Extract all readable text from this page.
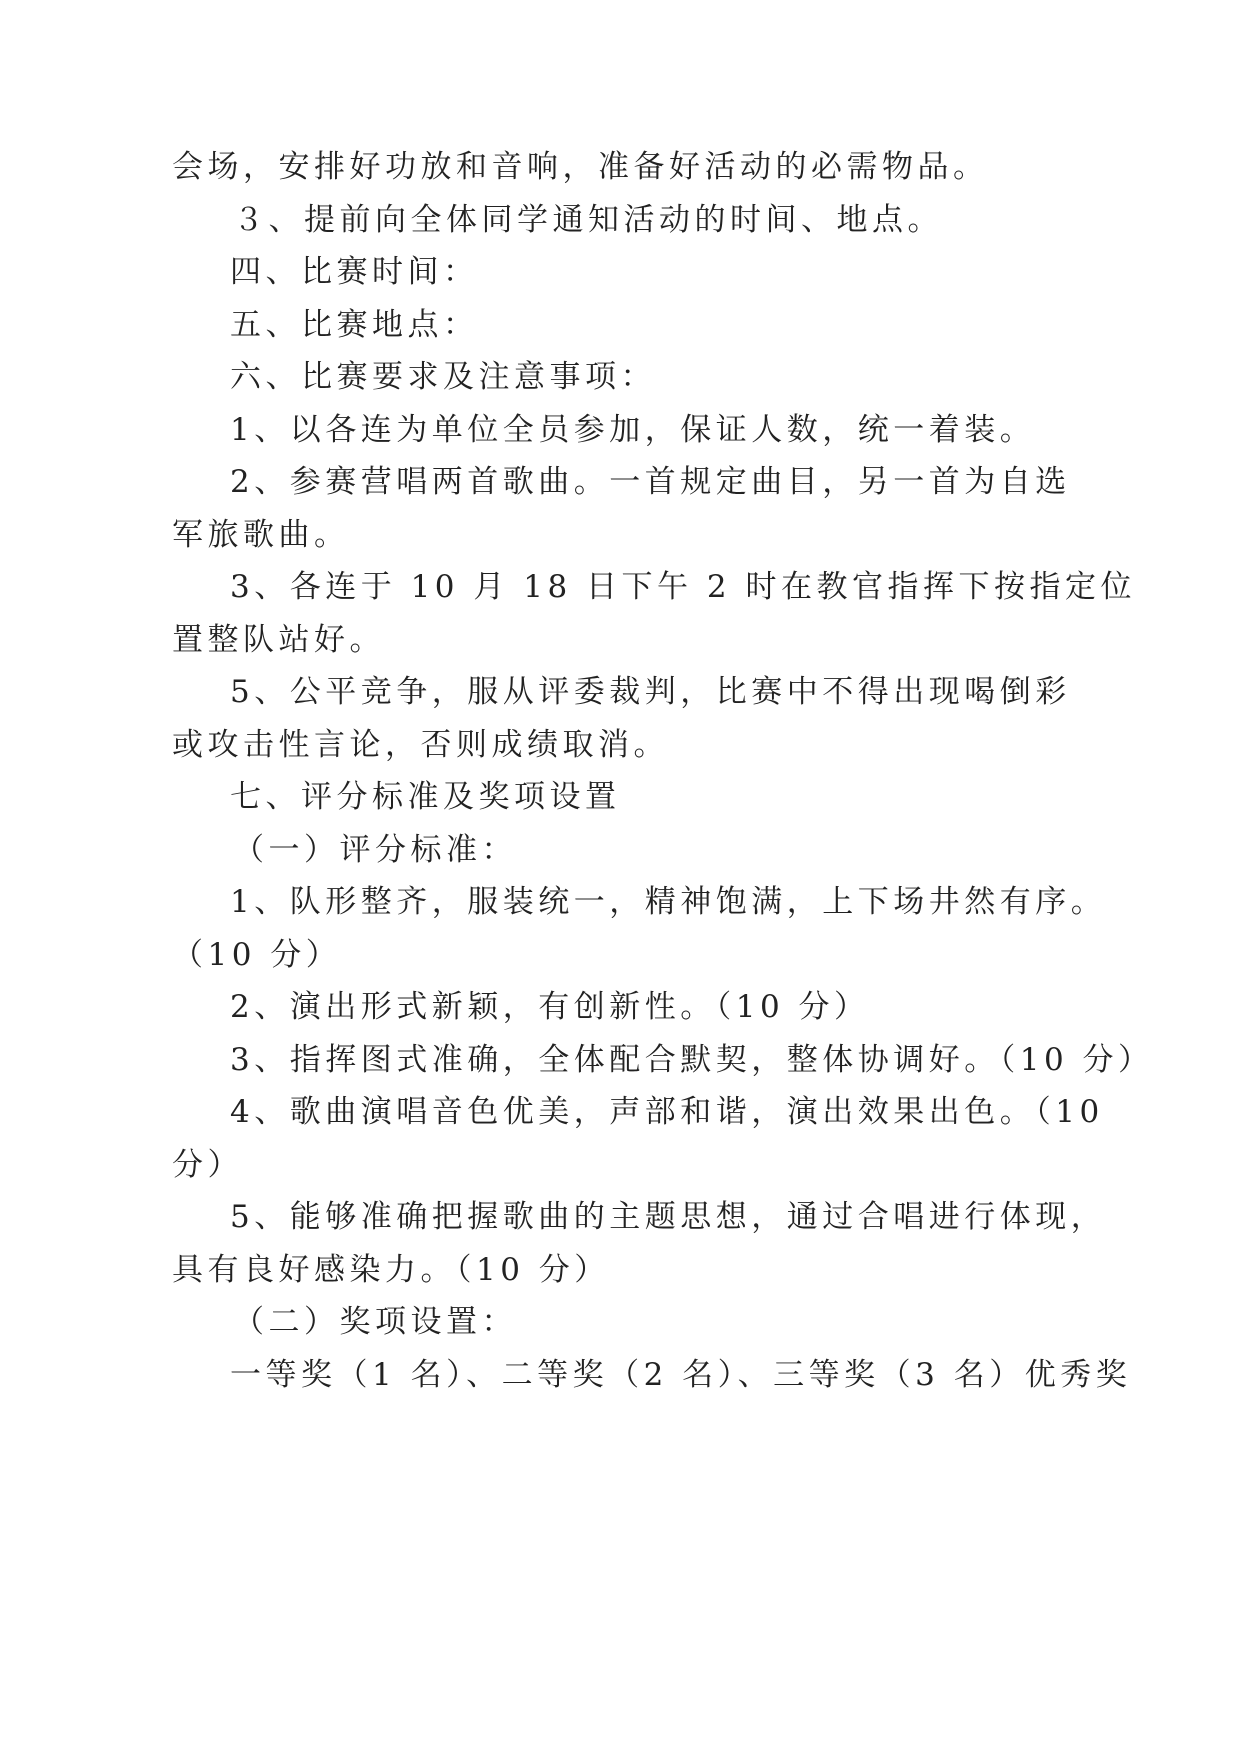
会场，安排好功放和音响，准备好活动的必需物品。
３、提前向全体同学通知活动的时间、地点。
四、比赛时间：
五、比赛地点：
六、比赛要求及注意事项：
1、以各连为单位全员参加，保证人数，统一着装。
2、参赛营唱两首歌曲。一首规定曲目，另一首为自选
军旅歌曲。
3、各连于 10 月 18 日下午 2 时在教官指挥下按指定位
置整队站好。
5、公平竞争，服从评委裁判，比赛中不得出现喝倒彩
或攻击性言论，否则成绩取消。
七、评分标准及奖项设置
（一）评分标准：
1、队形整齐，服装统一，精神饱满，上下场井然有序。
（10 分）
2、演出形式新颖，有创新性。（10 分）
3、指挥图式准确，全体配合默契，整体协调好。（10 分）
4、歌曲演唱音色优美，声部和谐，演出效果出色。（10
分）
5、能够准确把握歌曲的主题思想，通过合唱进行体现，
具有良好感染力。（10 分）
（二）奖项设置：
一等奖（1 名）、二等奖（2 名）、三等奖（3 名）优秀奖
